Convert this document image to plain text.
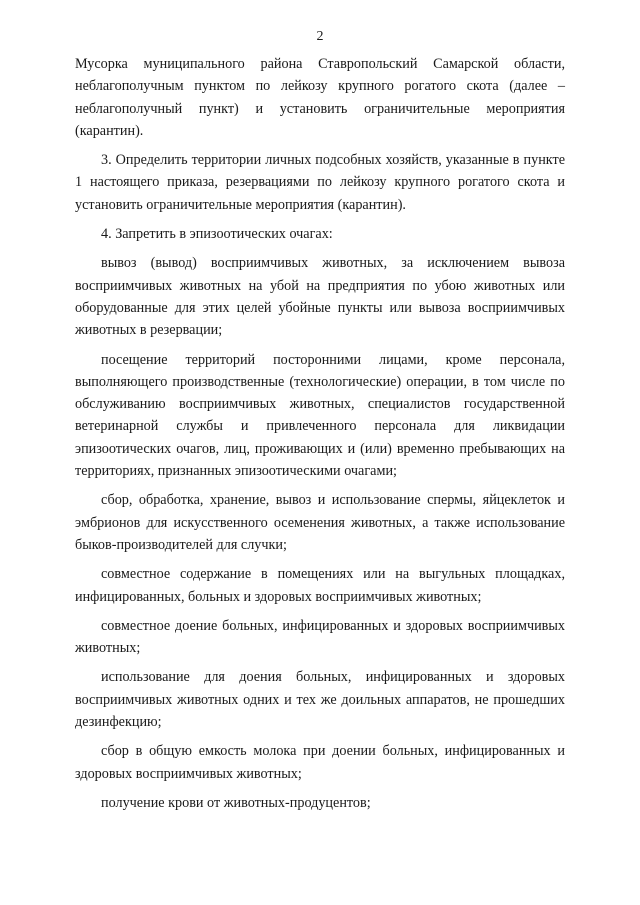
2

Мусорка муниципального района Ставропольский Самарской области, неблагополучным пунктом по лейкозу крупного рогатого скота (далее – неблагополучный пункт) и установить ограничительные мероприятия (карантин).

3. Определить территории личных подсобных хозяйств, указанные в пункте 1 настоящего приказа, резервациями по лейкозу крупного рогатого скота и установить ограничительные мероприятия (карантин).

4. Запретить в эпизоотических очагах:

вывоз (вывод) восприимчивых животных, за исключением вывоза восприимчивых животных на убой на предприятия по убою животных или оборудованные для этих целей убойные пункты или вывоза восприимчивых животных в резервации;

посещение территорий посторонними лицами, кроме персонала, выполняющего производственные (технологические) операции, в том числе по обслуживанию восприимчивых животных, специалистов государственной ветеринарной службы и привлеченного персонала для ликвидации эпизоотических очагов, лиц, проживающих и (или) временно пребывающих на территориях, признанных эпизоотическими очагами;

сбор, обработка, хранение, вывоз и использование спермы, яйцеклеток и эмбрионов для искусственного осеменения животных, а также использование быков-производителей для случки;

совместное содержание в помещениях или на выгульных площадках, инфицированных, больных и здоровых восприимчивых животных;

совместное доение больных, инфицированных и здоровых восприимчивых животных;

использование для доения больных, инфицированных и здоровых восприимчивых животных одних и тех же доильных аппаратов, не прошедших дезинфекцию;

сбор в общую емкость молока при доении больных, инфицированных и здоровых восприимчивых животных;

получение крови от животных-продуцентов;
